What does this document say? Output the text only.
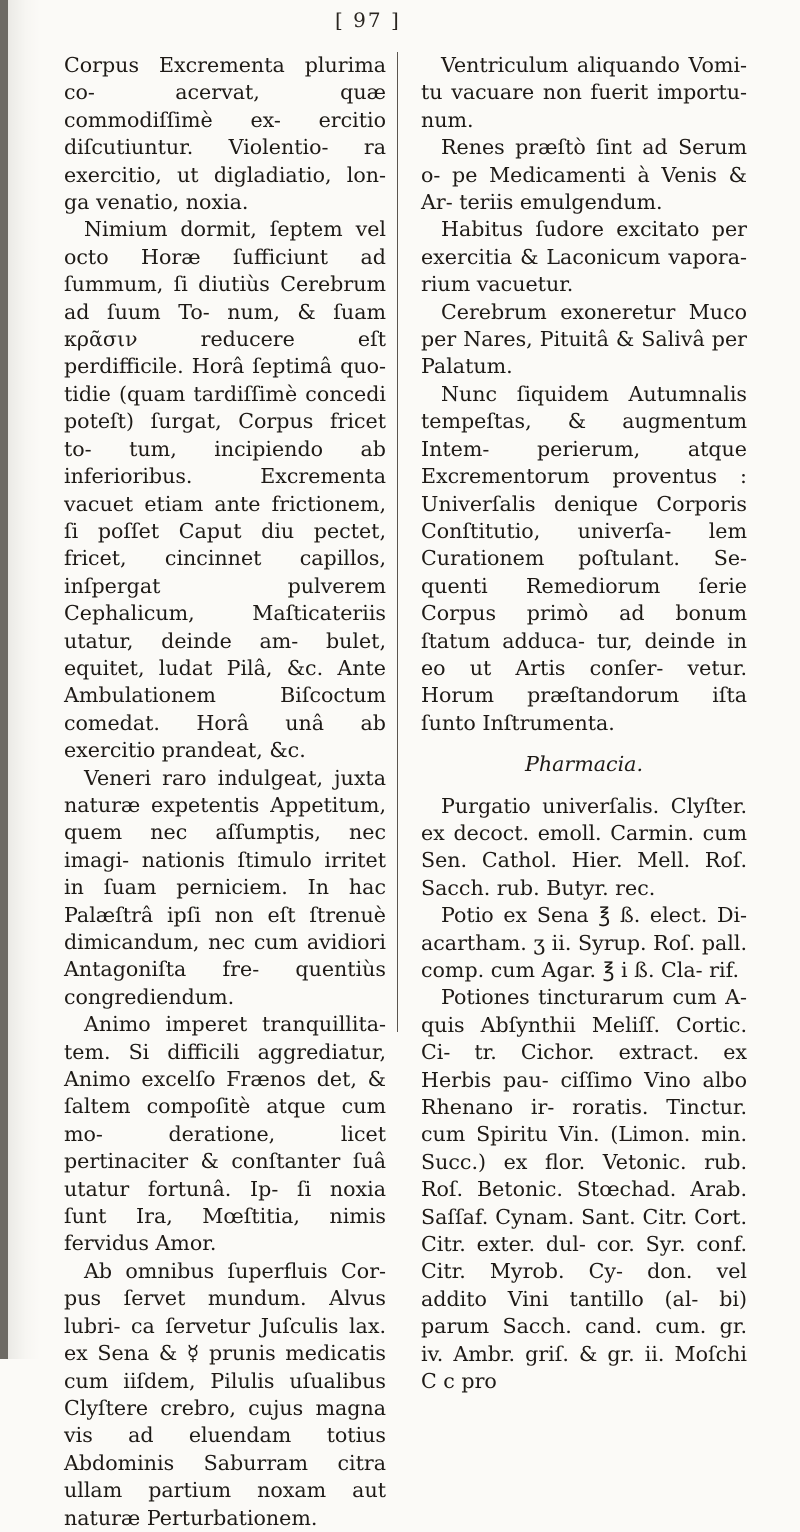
[ 97 ]

Corpus Excrementa plurima co- acervat, quæ commodiſſimè ex- ercitio diſcutiuntur. Violentio- ra exercitio, ut digladiatio, lon- ga venatio, noxia.

Nimium dormit, ſeptem vel octo Horæ ſufficiunt ad ſummum, ſi diutiùs Cerebrum ad ſuum To- num, & ſuam κρᾶσιν reducere eſt perdifficile. Horâ ſeptimâ quo- tidie (quam tardiſſimè concedi poteſt) ſurgat, Corpus fricet to- tum, incipiendo ab inferioribus. Excrementa vacuet etiam ante frictionem, ſi poſſet Caput diu pectet, fricet, cincinnet capillos, inſpergat pulverem Cephalicum, Maſticateriis utatur, deinde am- bulet, equitet, ludat Pilâ, &c. Ante Ambulationem Biſcoctum comedat. Horâ unâ ab exercitio prandeat, &c.

Veneri raro indulgeat, juxta naturæ expetentis Appetitum, quem nec aſſumptis, nec imagi- nationis ſtimulo irritet in ſuam perniciem. In hac Palæſtrâ ipſi non eſt ſtrenuè dimicandum, nec cum avidiori Antagoniſta fre- quentiùs congrediendum.

Animo imperet tranquillita- tem. Si difficili aggrediatur, Animo excelſo Frænos det, & ſaltem compoſitè atque cum mo- deratione, licet pertinaciter & conſtanter ſuâ utatur fortunâ. Ip- ſi noxia ſunt Ira, Mœſtitia, nimis fervidus Amor.

Ab omnibus ſuperfluis Cor- pus ſervet mundum. Alvus lubri- ca ſervetur Juſculis lax. ex Sena & ☿ prunis medicatis cum iiſdem, Pilulis uſualibus Clyſtere crebro, cujus magna vis ad eluendam totius Abdominis Saburram citra ullam partium noxam aut naturæ Perturbationem.

Ventriculum aliquando Vomi- tu vacuare non fuerit importu- num.

Renes præſtò ſint ad Serum o- pe Medicamenti à Venis & Ar- teriis emulgendum.

Habitus ſudore excitato per exercitia & Laconicum vapora- rium vacuetur.

Cerebrum exoneretur Muco per Nares, Pituitâ & Salivâ per Palatum.

Nunc ſiquidem Autumnalis tempeſtas, & augmentum Intem- perierum, atque Excrementorum proventus : Univerſalis denique Corporis Conſtitutio, univerſa- lem Curationem poſtulant. Se- quenti Remediorum ſerie Corpus primò ad bonum ſtatum adduca- tur, deinde in eo ut Artis conſer- vetur. Horum præſtandorum iſta ſunto Inſtrumenta.

Pharmacia.

Purgatio univerſalis. Clyſter. ex decoct. emoll. Carmin. cum Sen. Cathol. Hier. Mell. Roſ. Sacch. rub. Butyr. rec.

Potio ex Sena ℥ ß. elect. Di- acartham. ʒ ii. Syrup. Roſ. pall. comp. cum Agar. ℥ i ß. Cla- rif.

Potiones tincturarum cum A- quis Abſynthii Meliſſ. Cortic. Ci- tr. Cichor. extract. ex Herbis pau- ciſſimo Vino albo Rhenano ir- roratis. Tinctur. cum Spiritu Vin. (Limon. min. Succ.) ex flor. Vetonic. rub. Roſ. Betonic. Stœchad. Arab. Saſſaf. Cynam. Sant. Citr. Cort. Citr. exter. dul- cor. Syr. conf. Citr. Myrob. Cy- don. vel addito Vini tantillo (al- bi) parum Sacch. cand. cum. gr. iv. Ambr. griſ. & gr. ii. Moſchi C c pro
